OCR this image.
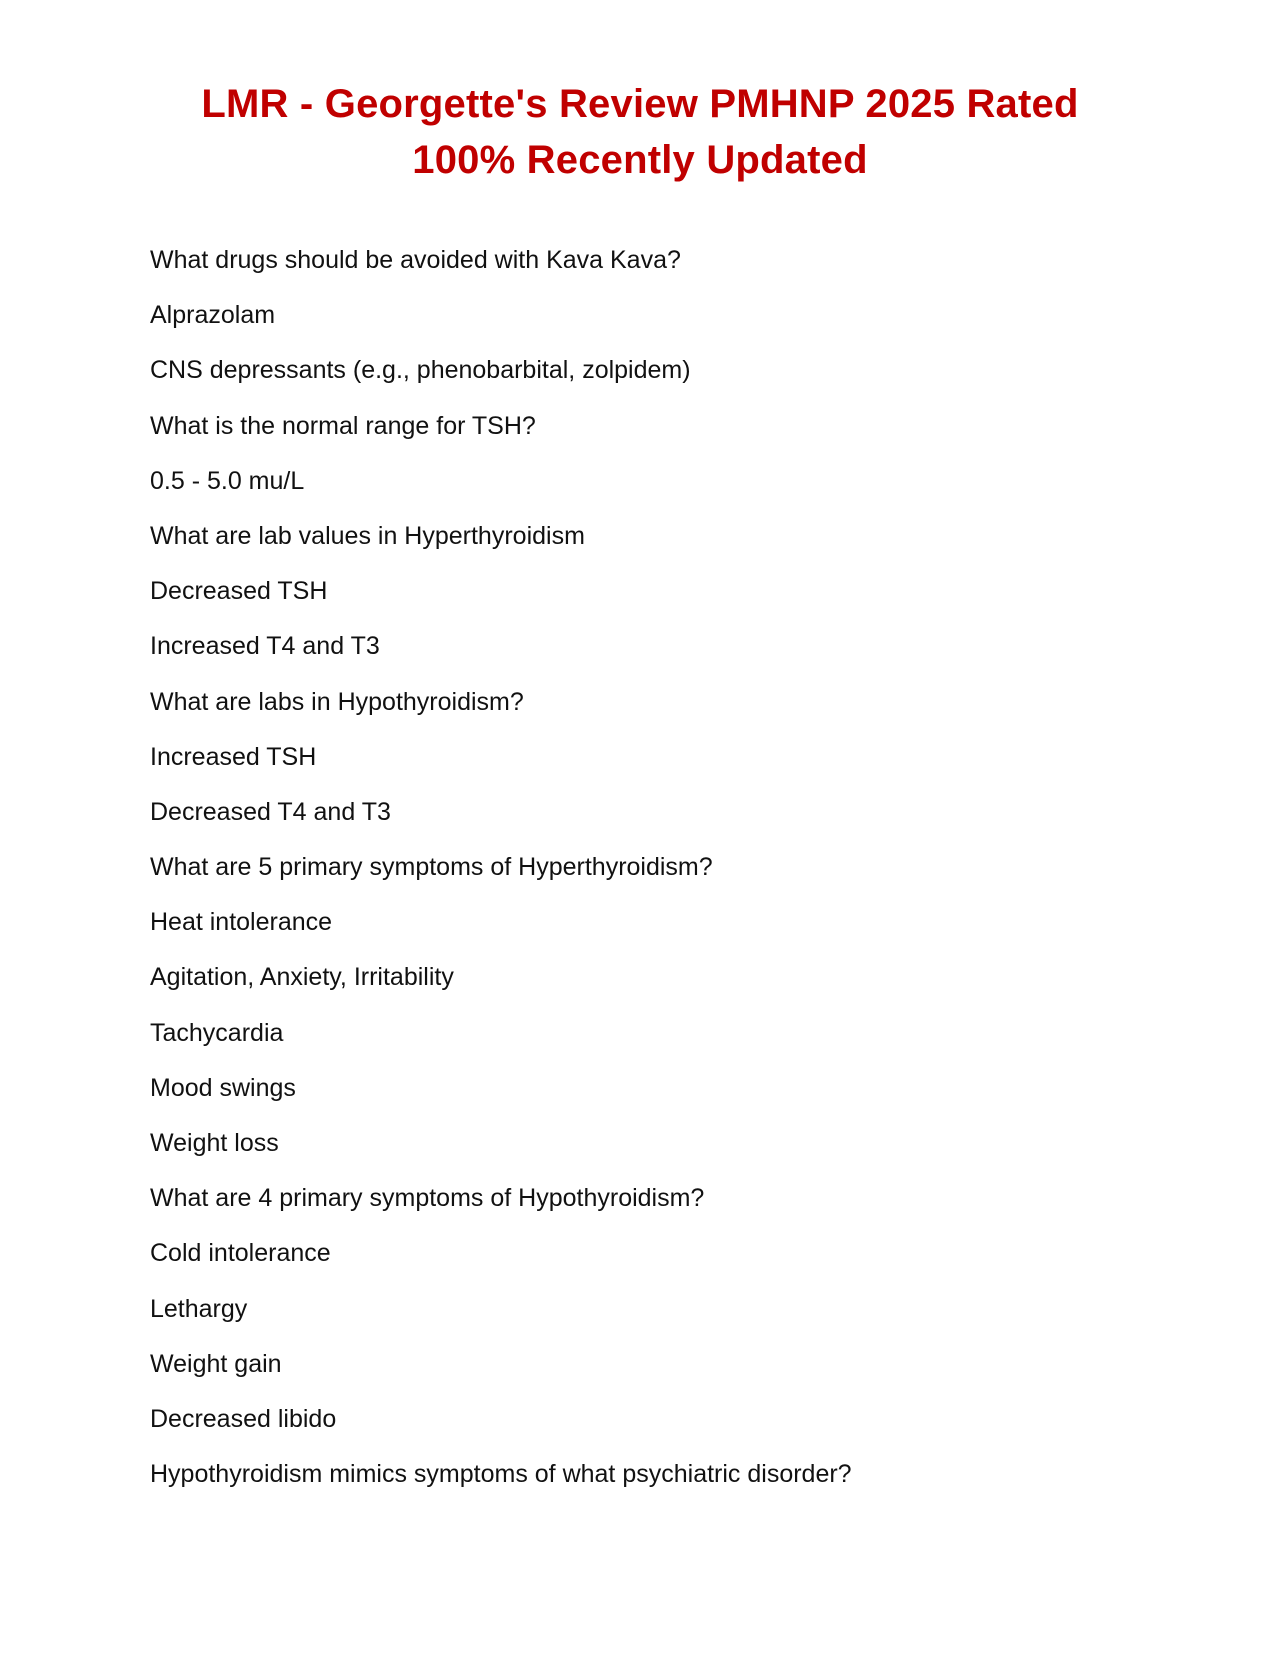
LMR - Georgette's Review PMHNP 2025 Rated
100% Recently Updated
What drugs should be avoided with Kava Kava?
Alprazolam
CNS depressants (e.g., phenobarbital, zolpidem)
What is the normal range for TSH?
0.5 - 5.0 mu/L
What are lab values in Hyperthyroidism
Decreased TSH
Increased T4 and T3
What are labs in Hypothyroidism?
Increased TSH
Decreased T4 and T3
What are 5 primary symptoms of Hyperthyroidism?
Heat intolerance
Agitation, Anxiety, Irritability
Tachycardia
Mood swings
Weight loss
What are 4 primary symptoms of Hypothyroidism?
Cold intolerance
Lethargy
Weight gain
Decreased libido
Hypothyroidism mimics symptoms of what psychiatric disorder?
